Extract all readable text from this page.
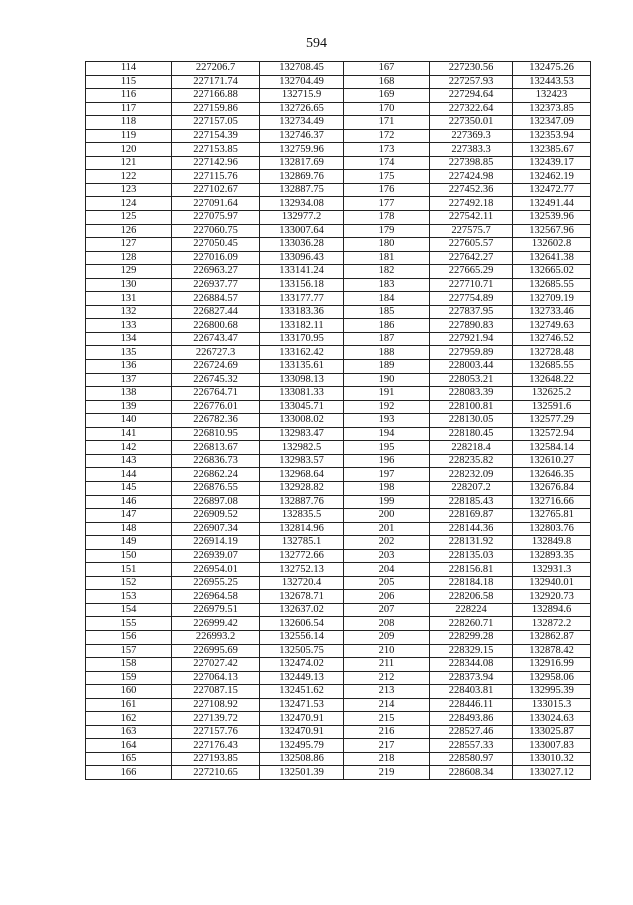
594
114	227206.7	132708.45	167	227230.56	132475.26
115	227171.74	132704.49	168	227257.93	132443.53
116	227166.88	132715.9	169	227294.64	132423
117	227159.86	132726.65	170	227322.64	132373.85
118	227157.05	132734.49	171	227350.01	132347.09
119	227154.39	132746.37	172	227369.3	132353.94
120	227153.85	132759.96	173	227383.3	132385.67
121	227142.96	132817.69	174	227398.85	132439.17
122	227115.76	132869.76	175	227424.98	132462.19
123	227102.67	132887.75	176	227452.36	132472.77
124	227091.64	132934.08	177	227492.18	132491.44
125	227075.97	132977.2	178	227542.11	132539.96
126	227060.75	133007.64	179	227575.7	132567.96
127	227050.45	133036.28	180	227605.57	132602.8
128	227016.09	133096.43	181	227642.27	132641.38
129	226963.27	133141.24	182	227665.29	132665.02
130	226937.77	133156.18	183	227710.71	132685.55
131	226884.57	133177.77	184	227754.89	132709.19
132	226827.44	133183.36	185	227837.95	132733.46
133	226800.68	133182.11	186	227890.83	132749.63
134	226743.47	133170.95	187	227921.94	132746.52
135	226727.3	133162.42	188	227959.89	132728.48
136	226724.69	133135.61	189	228003.44	132685.55
137	226745.32	133098.13	190	228053.21	132648.22
138	226764.71	133081.33	191	228083.39	132625.2
139	226776.01	133045.71	192	228100.81	132591.6
140	226782.36	133008.02	193	228130.05	132577.29
141	226810.95	132983.47	194	228180.45	132572.94
142	226813.67	132982.5	195	228218.4	132584.14
143	226836.73	132983.57	196	228235.82	132610.27
144	226862.24	132968.64	197	228232.09	132646.35
145	226876.55	132928.82	198	228207.2	132676.84
146	226897.08	132887.76	199	228185.43	132716.66
147	226909.52	132835.5	200	228169.87	132765.81
148	226907.34	132814.96	201	228144.36	132803.76
149	226914.19	132785.1	202	228131.92	132849.8
150	226939.07	132772.66	203	228135.03	132893.35
151	226954.01	132752.13	204	228156.81	132931.3
152	226955.25	132720.4	205	228184.18	132940.01
153	226964.58	132678.71	206	228206.58	132920.73
154	226979.51	132637.02	207	228224	132894.6
155	226999.42	132606.54	208	228260.71	132872.2
156	226993.2	132556.14	209	228299.28	132862.87
157	226995.69	132505.75	210	228329.15	132878.42
158	227027.42	132474.02	211	228344.08	132916.99
159	227064.13	132449.13	212	228373.94	132958.06
160	227087.15	132451.62	213	228403.81	132995.39
161	227108.92	132471.53	214	228446.11	133015.3
162	227139.72	132470.91	215	228493.86	133024.63
163	227157.76	132470.91	216	228527.46	133025.87
164	227176.43	132495.79	217	228557.33	133007.83
165	227193.85	132508.86	218	228580.97	133010.32
166	227210.65	132501.39	219	228608.34	133027.12
